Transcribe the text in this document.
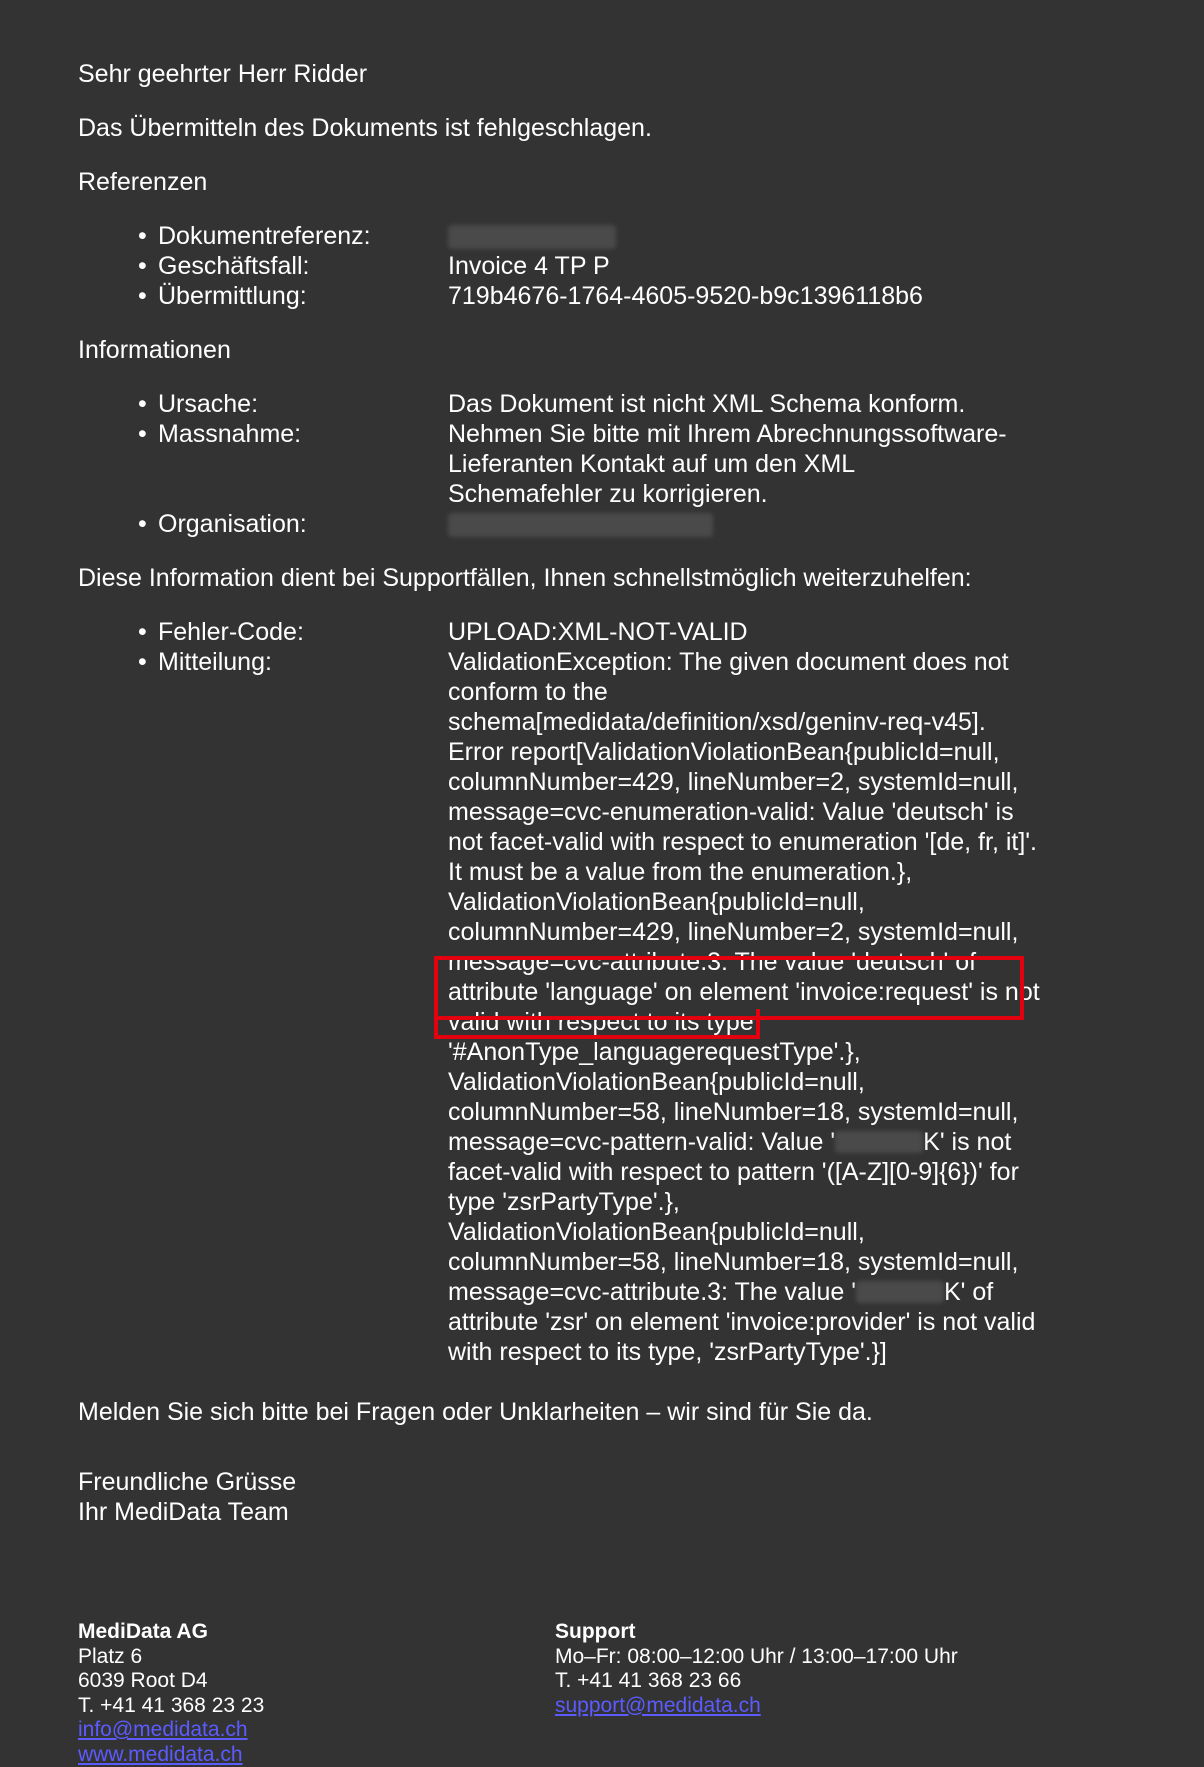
Sehr geehrter Herr Ridder

Das Übermitteln des Dokuments ist fehlgeschlagen.

Referenzen

• Dokumentreferenz:
• Geschäftsfall:	Invoice 4 TP P
• Übermittlung:	719b4676-1764-4605-9520-b9c1396118b6

Informationen

• Ursache:	Das Dokument ist nicht XML Schema konform.
• Massnahme:	Nehmen Sie bitte mit Ihrem Abrechnungssoftware-
Lieferanten Kontakt auf um den XML
Schemafehler zu korrigieren.
• Organisation:

Diese Information dient bei Supportfällen, Ihnen schnellstmöglich weiterzuhelfen:

• Fehler-Code:	UPLOAD:XML-NOT-VALID
• Mitteilung:	ValidationException: The given document does not
conform to the
schema[medidata/definition/xsd/geninv-req-v45].
Error report[ValidationViolationBean{publicId=null,
columnNumber=429, lineNumber=2, systemId=null,
message=cvc-enumeration-valid: Value 'deutsch' is
not facet-valid with respect to enumeration '[de, fr, it]'.
It must be a value from the enumeration.},
ValidationViolationBean{publicId=null,
columnNumber=429, lineNumber=2, systemId=null,
message=cvc-attribute.3: The value 'deutsch' of
attribute 'language' on element 'invoice:request' is not
valid with respect to its type,
'#AnonType_languagerequestType'.},
ValidationViolationBean{publicId=null,
columnNumber=58, lineNumber=18, systemId=null,
message=cvc-pattern-valid: Value '	K' is not
facet-valid with respect to pattern '([A-Z][0-9]{6})' for
type 'zsrPartyType'.},
ValidationViolationBean{publicId=null,
columnNumber=58, lineNumber=18, systemId=null,
message=cvc-attribute.3: The value '	K' of
attribute 'zsr' on element 'invoice:provider' is not valid
with respect to its type, 'zsrPartyType'.}]

Melden Sie sich bitte bei Fragen oder Unklarheiten – wir sind für Sie da.

Freundliche Grüsse

Ihr MediData Team

MediData AG
Platz 6
6039 Root D4
T. +41 41 368 23 23
info@medidata.ch
www.medidata.ch
Support
Mo–Fr: 08:00–12:00 Uhr / 13:00–17:00 Uhr
T. +41 41 368 23 66
support@medidata.ch
